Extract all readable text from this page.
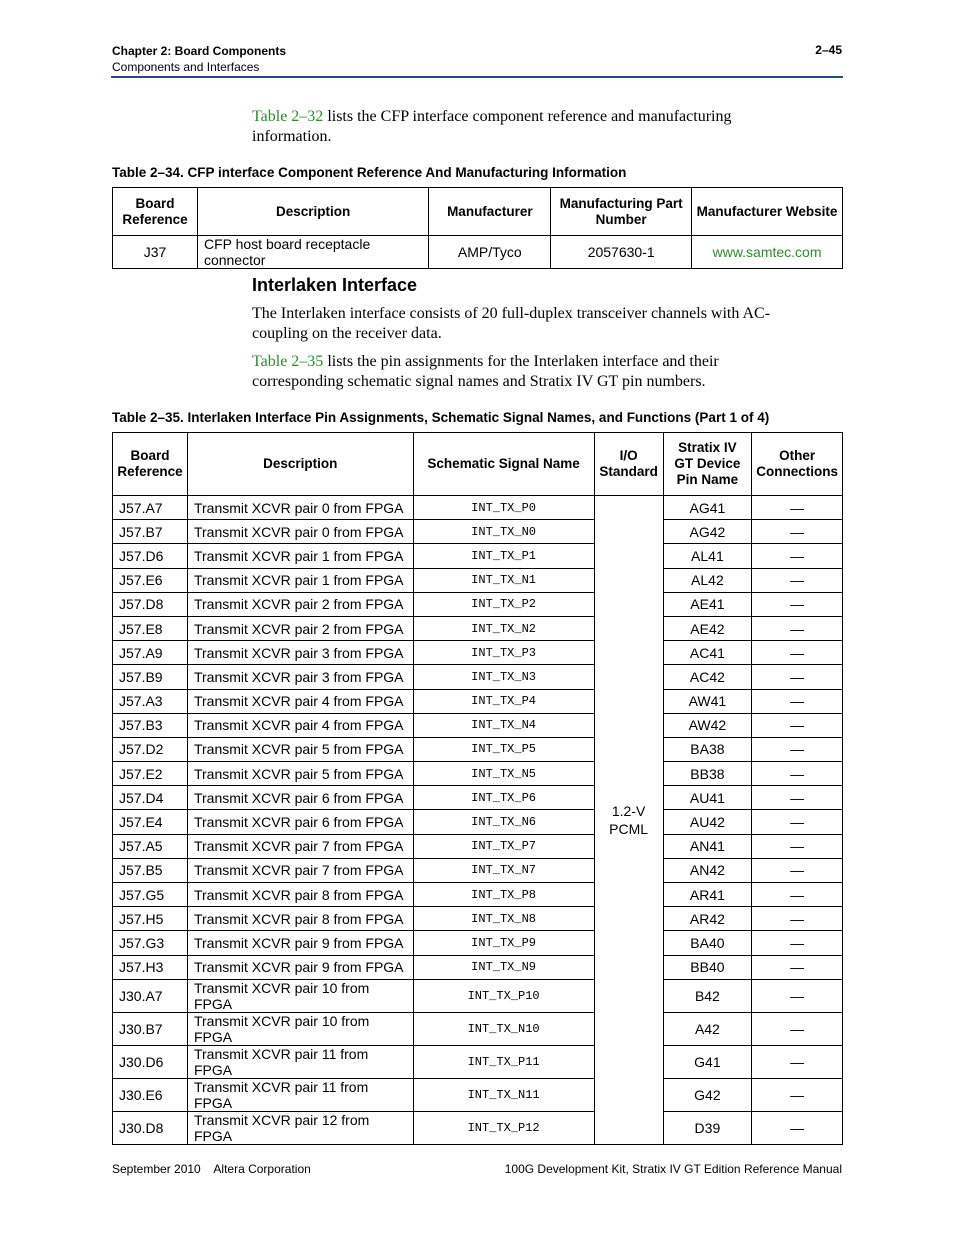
Chapter 2: Board Components
Components and Interfaces
2–45
Table 2–32 lists the CFP interface component reference and manufacturing information.
Table 2–34. CFP interface Component Reference And Manufacturing Information
Board Reference	Description	Manufacturer	Manufacturing Part Number	Manufacturer Website
J37	CFP host board receptacle connector	AMP/Tyco	2057630-1	www.samtec.com
Interlaken Interface
The Interlaken interface consists of 20 full-duplex transceiver channels with AC-coupling on the receiver data.
Table 2–35 lists the pin assignments for the Interlaken interface and their corresponding schematic signal names and Stratix IV GT pin numbers.
Table 2–35. Interlaken Interface Pin Assignments, Schematic Signal Names, and Functions (Part 1 of 4)
Board Reference	Description	Schematic Signal Name	I/O Standard	Stratix IV GT Device Pin Name	Other Connections
J57.A7	Transmit XCVR pair 0 from FPGA	INT_TX_P0	1.2-V PCML	AG41	—
J57.B7	Transmit XCVR pair 0 from FPGA	INT_TX_N0		AG42	—
J57.D6	Transmit XCVR pair 1 from FPGA	INT_TX_P1		AL41	—
J57.E6	Transmit XCVR pair 1 from FPGA	INT_TX_N1		AL42	—
J57.D8	Transmit XCVR pair 2 from FPGA	INT_TX_P2		AE41	—
J57.E8	Transmit XCVR pair 2 from FPGA	INT_TX_N2		AE42	—
J57.A9	Transmit XCVR pair 3 from FPGA	INT_TX_P3		AC41	—
J57.B9	Transmit XCVR pair 3 from FPGA	INT_TX_N3		AC42	—
J57.A3	Transmit XCVR pair 4 from FPGA	INT_TX_P4		AW41	—
J57.B3	Transmit XCVR pair 4 from FPGA	INT_TX_N4		AW42	—
J57.D2	Transmit XCVR pair 5 from FPGA	INT_TX_P5		BA38	—
J57.E2	Transmit XCVR pair 5 from FPGA	INT_TX_N5		BB38	—
J57.D4	Transmit XCVR pair 6 from FPGA	INT_TX_P6		AU41	—
J57.E4	Transmit XCVR pair 6 from FPGA	INT_TX_N6		AU42	—
J57.A5	Transmit XCVR pair 7 from FPGA	INT_TX_P7		AN41	—
J57.B5	Transmit XCVR pair 7 from FPGA	INT_TX_N7		AN42	—
J57.G5	Transmit XCVR pair 8 from FPGA	INT_TX_P8		AR41	—
J57.H5	Transmit XCVR pair 8 from FPGA	INT_TX_N8		AR42	—
J57.G3	Transmit XCVR pair 9 from FPGA	INT_TX_P9		BA40	—
J57.H3	Transmit XCVR pair 9 from FPGA	INT_TX_N9		BB40	—
J30.A7	Transmit XCVR pair 10 from FPGA	INT_TX_P10		B42	—
J30.B7	Transmit XCVR pair 10 from FPGA	INT_TX_N10		A42	—
J30.D6	Transmit XCVR pair 11 from FPGA	INT_TX_P11		G41	—
J30.E6	Transmit XCVR pair 11 from FPGA	INT_TX_N11		G42	—
J30.D8	Transmit XCVR pair 12 from FPGA	INT_TX_P12		D39	—
September 2010    Altera Corporation	100G Development Kit, Stratix IV GT Edition Reference Manual
